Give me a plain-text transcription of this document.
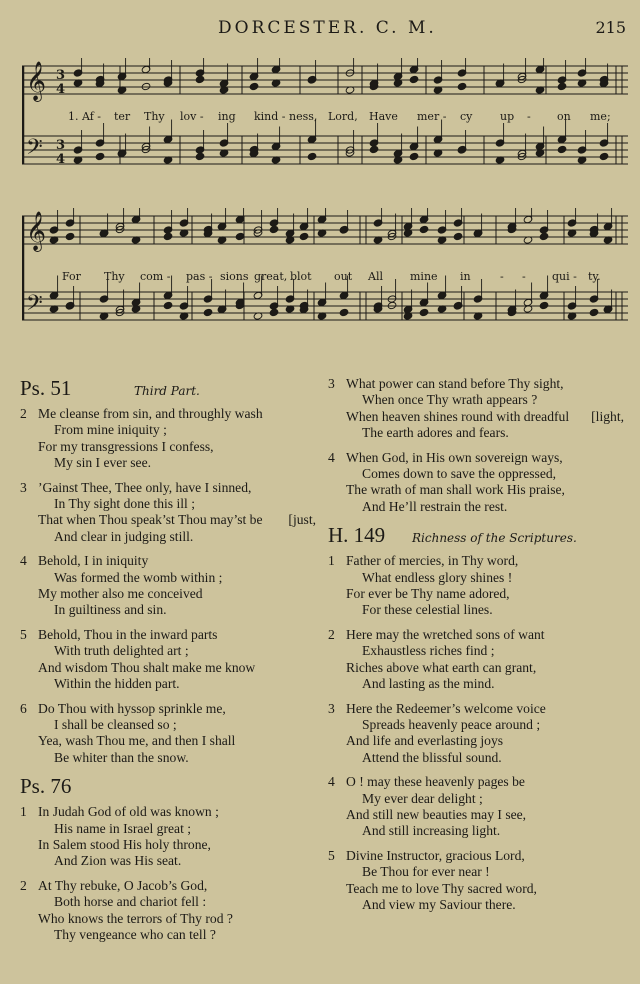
DORCESTER. C. M.	215
𝄞
𝄢
3
4
3
4
1. Af - ter Thy lov - ing kind - ness, Lord, Have mer - cy	up - on me;
𝄞
𝄢
For Thy com - pas - sions great, blot out All mine in	- - qui - ty.
Ps. 51	Third Part.
2 Me cleanse from sin, and throughly wash
From mine iniquity ;
For my transgressions I confess,
My sin I ever see.
3 ’Gainst Thee, Thee only, have I sinned,
In Thy sight done this ill ;
That when Thou speak’st Thou may’st be
And clear in judging still.
[just,
4 Behold, I in iniquity
Was formed the womb within ;
My mother also me conceived
In guiltiness and sin.
5 Behold, Thou in the inward parts
With truth delighted art ;
And wisdom Thou shalt make me know
Within the hidden part.
6 Do Thou with hyssop sprinkle me,
I shall be cleansed so ;
Yea, wash Thou me, and then I shall
Be whiter than the snow.
Ps. 76
1 In Judah God of old was known ;
His name in Israel great ;
In Salem stood His holy throne,
And Zion was His seat.
2 At Thy rebuke, O Jacob’s God,
Both horse and chariot fell :
Who knows the terrors of Thy rod ?
Thy vengeance who can tell ?
3 What power can stand before Thy sight,
When once Thy wrath appears ?
When heaven shines round with dreadful
The earth adores and fears.
[light,
4 When God, in His own sovereign ways,
Comes down to save the oppressed,
The wrath of man shall work His praise,
And He’ll restrain the rest.
H. 149 Richness of the Scriptures.
1 Father of mercies, in Thy word,
What endless glory shines !
For ever be Thy name adored,
For these celestial lines.
2 Here may the wretched sons of want
Exhaustless riches find ;
Riches above what earth can grant,
And lasting as the mind.
3 Here the Redeemer’s welcome voice
Spreads heavenly peace around ;
And life and everlasting joys
Attend the blissful sound.
4 O ! may these heavenly pages be
My ever dear delight ;
And still new beauties may I see,
And still increasing light.
5 Divine Instructor, gracious Lord,
Be Thou for ever near !
Teach me to love Thy sacred word,
And view my Saviour there.
